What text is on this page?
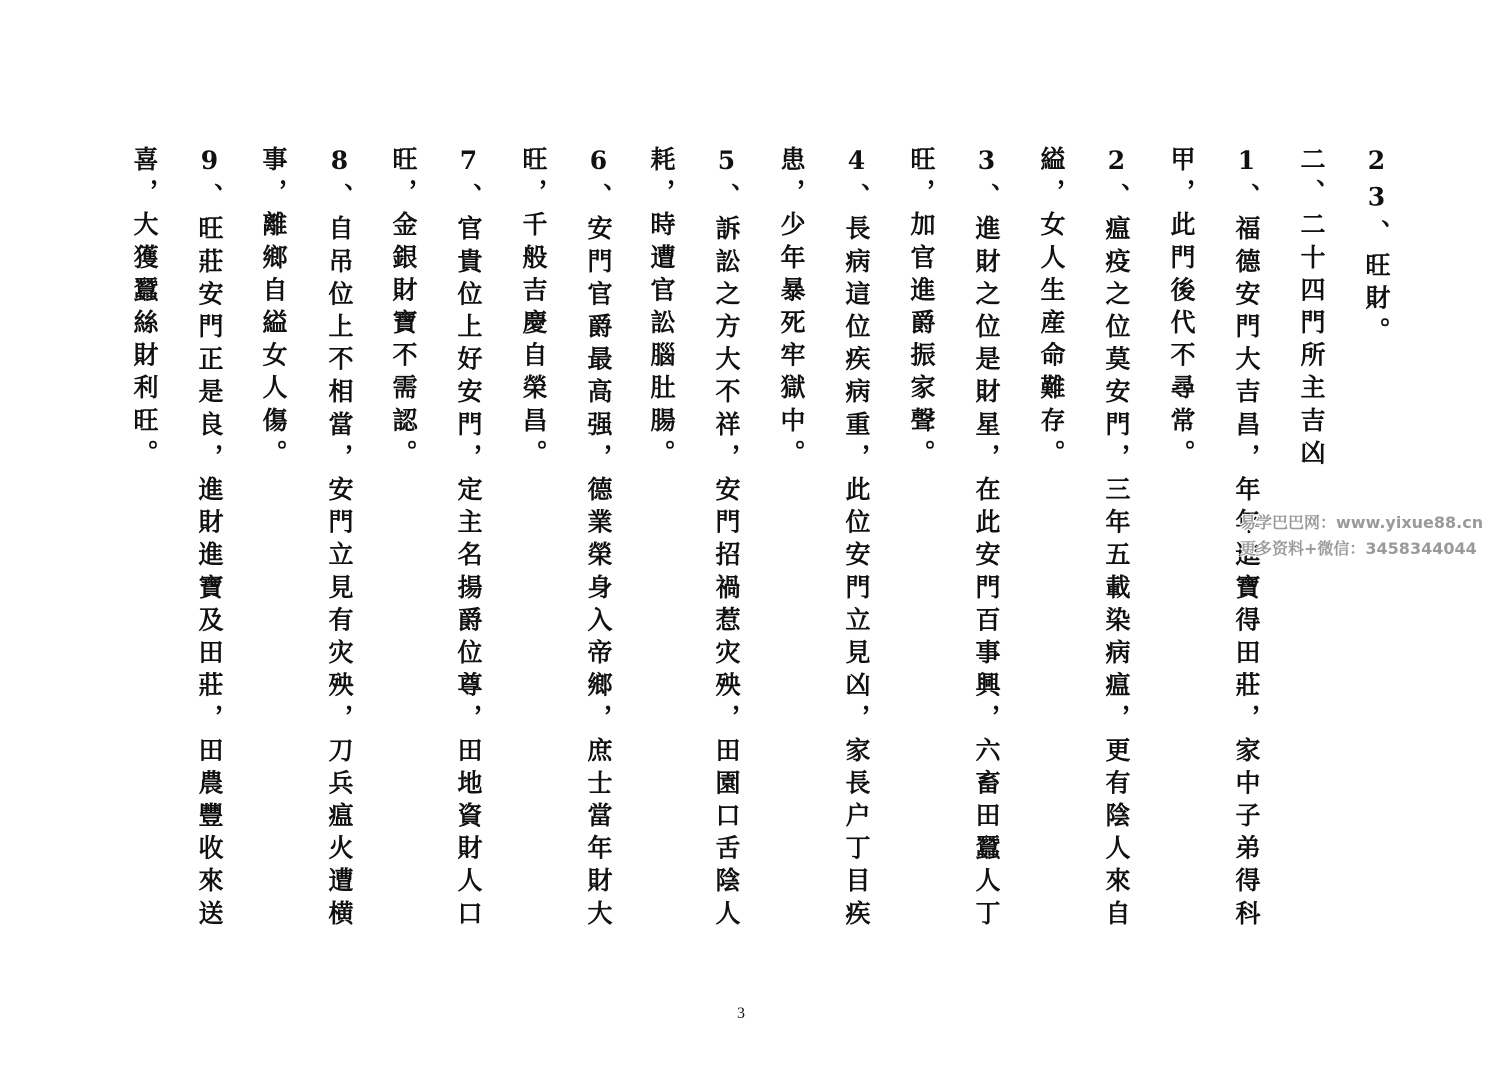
23、旺財。
二、二十四門所主吉凶
1、福德安門大吉昌，年年進寶得田莊，家中子弟得科
甲，此門後代不尋常。
2、瘟疫之位莫安門，三年五載染病瘟，更有陰人來自
縊，女人生産命難存。
3、進財之位是財星，在此安門百事興，六畜田蠶人丁
旺，加官進爵振家聲。
4、長病這位疾病重，此位安門立見凶，家長户丁目疾
患，少年暴死牢獄中。
5、訴訟之方大不祥，安門招禍惹灾殃，田園口舌陰人
耗，時遭官訟腦肚腸。
6、安門官爵最高强，德業榮身入帝鄉，庶士當年財大
旺，千般吉慶自榮昌。
7、官貴位上好安門，定主名揚爵位尊，田地資財人口
旺，金銀財寶不需認。
8、自吊位上不相當，安門立見有灾殃，刀兵瘟火遭横
事，離鄉自縊女人傷。
9、旺莊安門正是良，進財進寶及田莊，田農豐收來送
喜，大獲蠶絲財利旺。
易学巴巴网：www.yixue88.cn
更多资料+微信：3458344044
3
